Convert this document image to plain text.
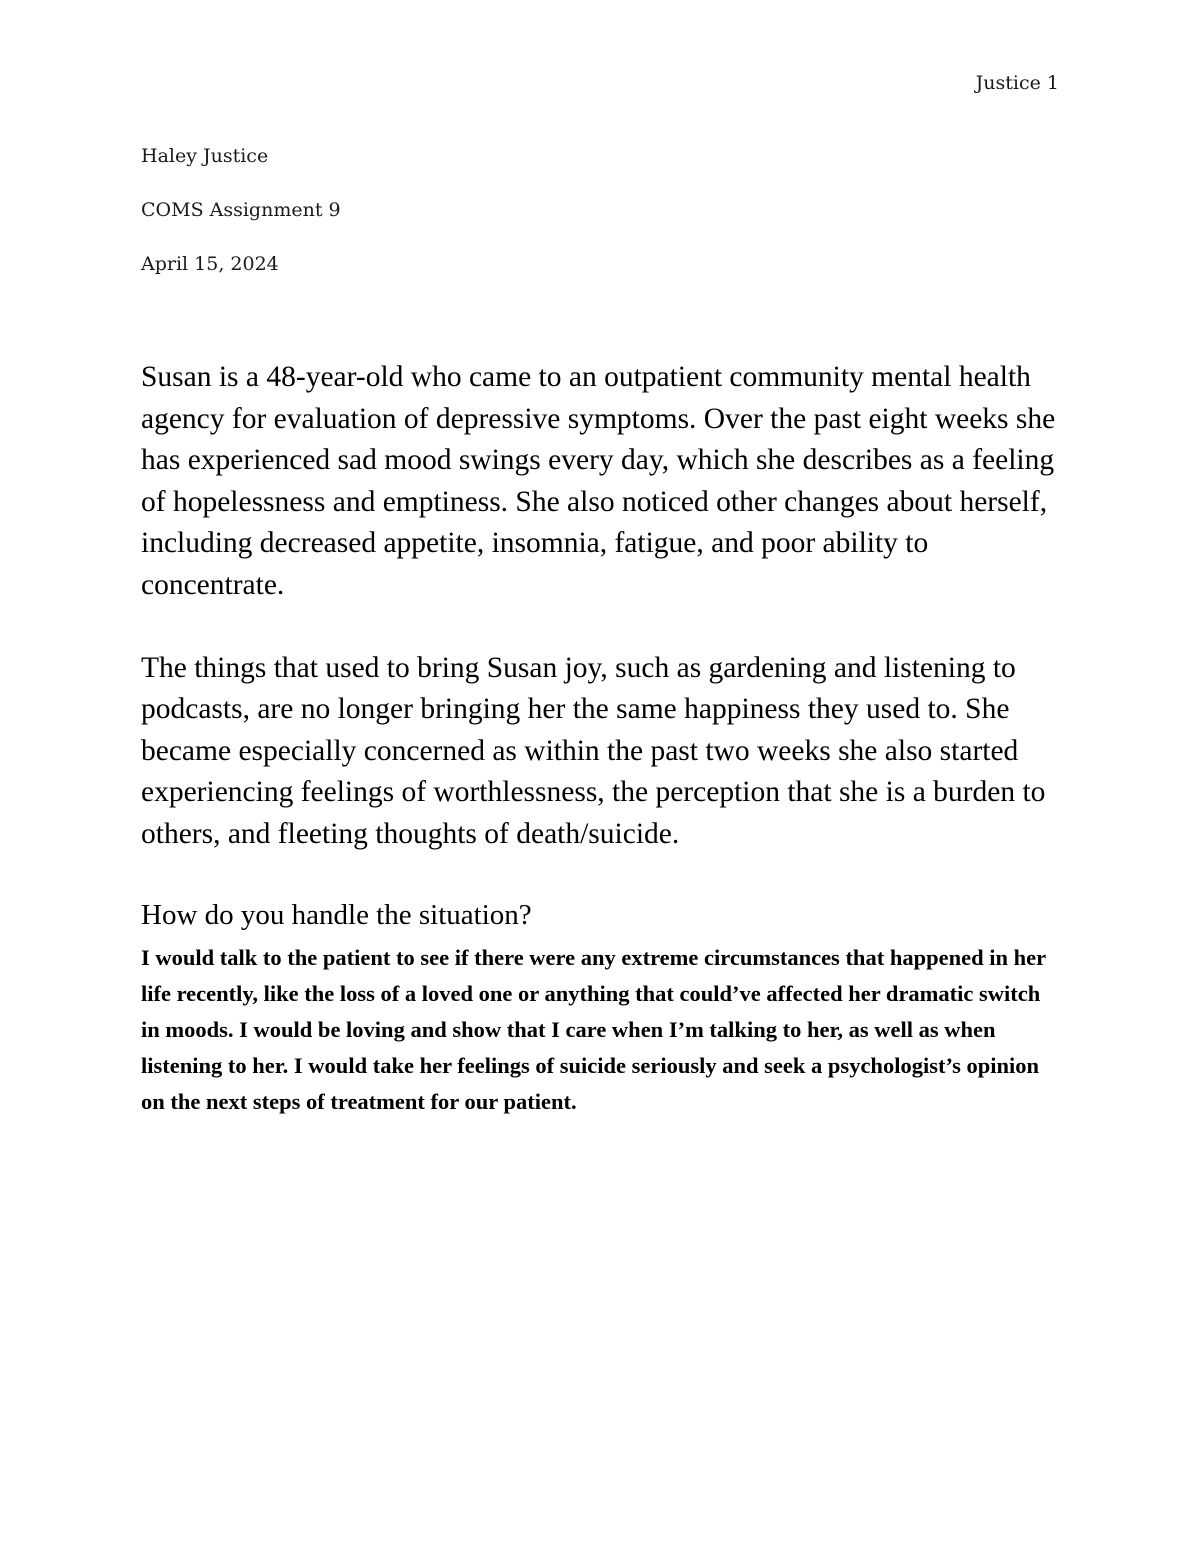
Justice 1
Haley Justice
COMS Assignment 9
April 15, 2024

Susan is a 48-year-old who came to an outpatient community mental health agency for evaluation of depressive symptoms. Over the past eight weeks she has experienced sad mood swings every day, which she describes as a feeling of hopelessness and emptiness. She also noticed other changes about herself, including decreased appetite, insomnia, fatigue, and poor ability to concentrate.

The things that used to bring Susan joy, such as gardening and listening to podcasts, are no longer bringing her the same happiness they used to. She became especially concerned as within the past two weeks she also started experiencing feelings of worthlessness, the perception that she is a burden to others, and fleeting thoughts of death/suicide.

How do you handle the situation?

I would talk to the patient to see if there were any extreme circumstances that happened in her life recently, like the loss of a loved one or anything that could’ve affected her dramatic switch in moods. I would be loving and show that I care when I’m talking to her, as well as when listening to her. I would take her feelings of suicide seriously and seek a psychologist’s opinion on the next steps of treatment for our patient.
